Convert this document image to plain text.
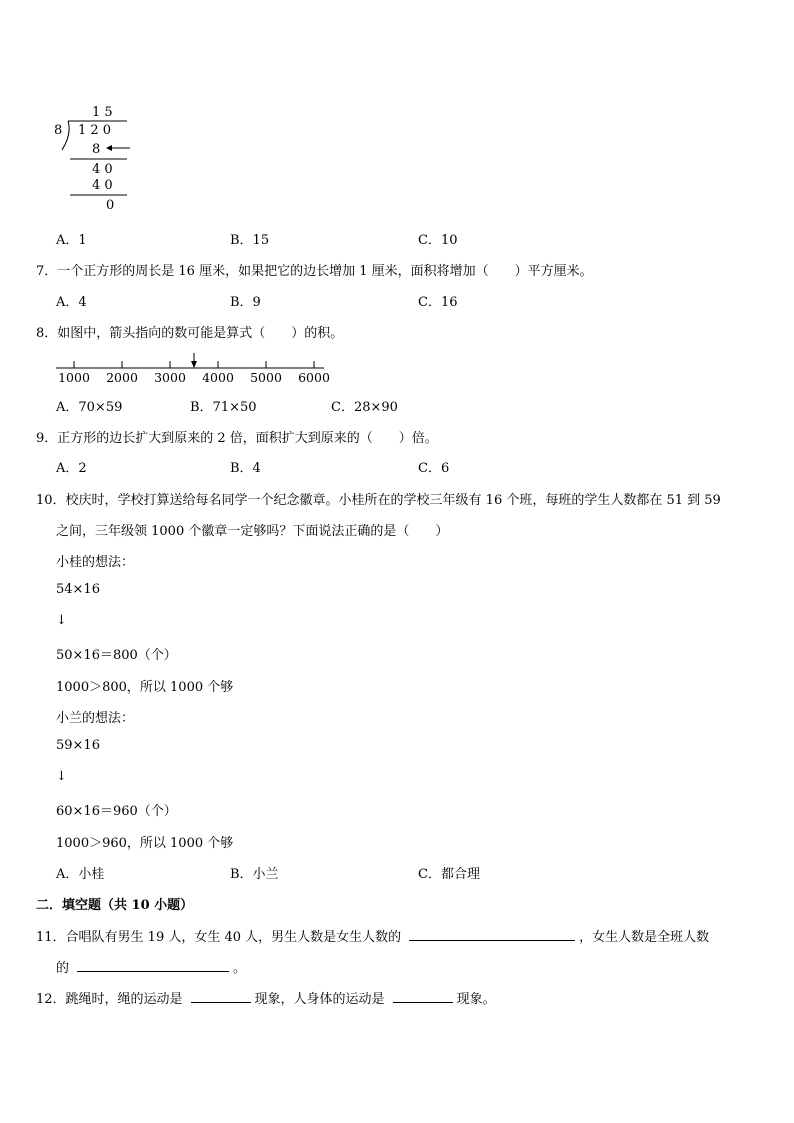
1 5
8 1 2 0
8
4 0
4 0
0
A．1	B．15	C．10
7．一个正方形的周长是 16 厘米，如果把它的边长增加 1 厘米，面积将增加（　　）平方厘米。
A．4	B．9	C．16
8．如图中，箭头指向的数可能是算式（　　）的积。
1000 2000 3000 4000 5000 6000
A．70×59	B．71×50	C．28×90
9．正方形的边长扩大到原来的 2 倍，面积扩大到原来的（　　）倍。
A．2	B．4	C．6
10．校庆时，学校打算送给每名同学一个纪念徽章。小桂所在的学校三年级有 16 个班，每班的学生人数都在 51 到 59
之间，三年级领 1000 个徽章一定够吗？下面说法正确的是（　　）
小桂的想法：
54×16
↓
50×16＝800（个）
1000＞800，所以 1000 个够
小兰的想法：
59×16
↓
60×16＝960（个）
1000＞960，所以 1000 个够
A．小桂	B．小兰	C．都合理
二．填空题（共 10 小题）
11．合唱队有男生 19 人，女生 40 人，男生人数是女生人数的	，女生人数是全班人数
的	。
12．跳绳时，绳的运动是	现象，人身体的运动是	现象。
